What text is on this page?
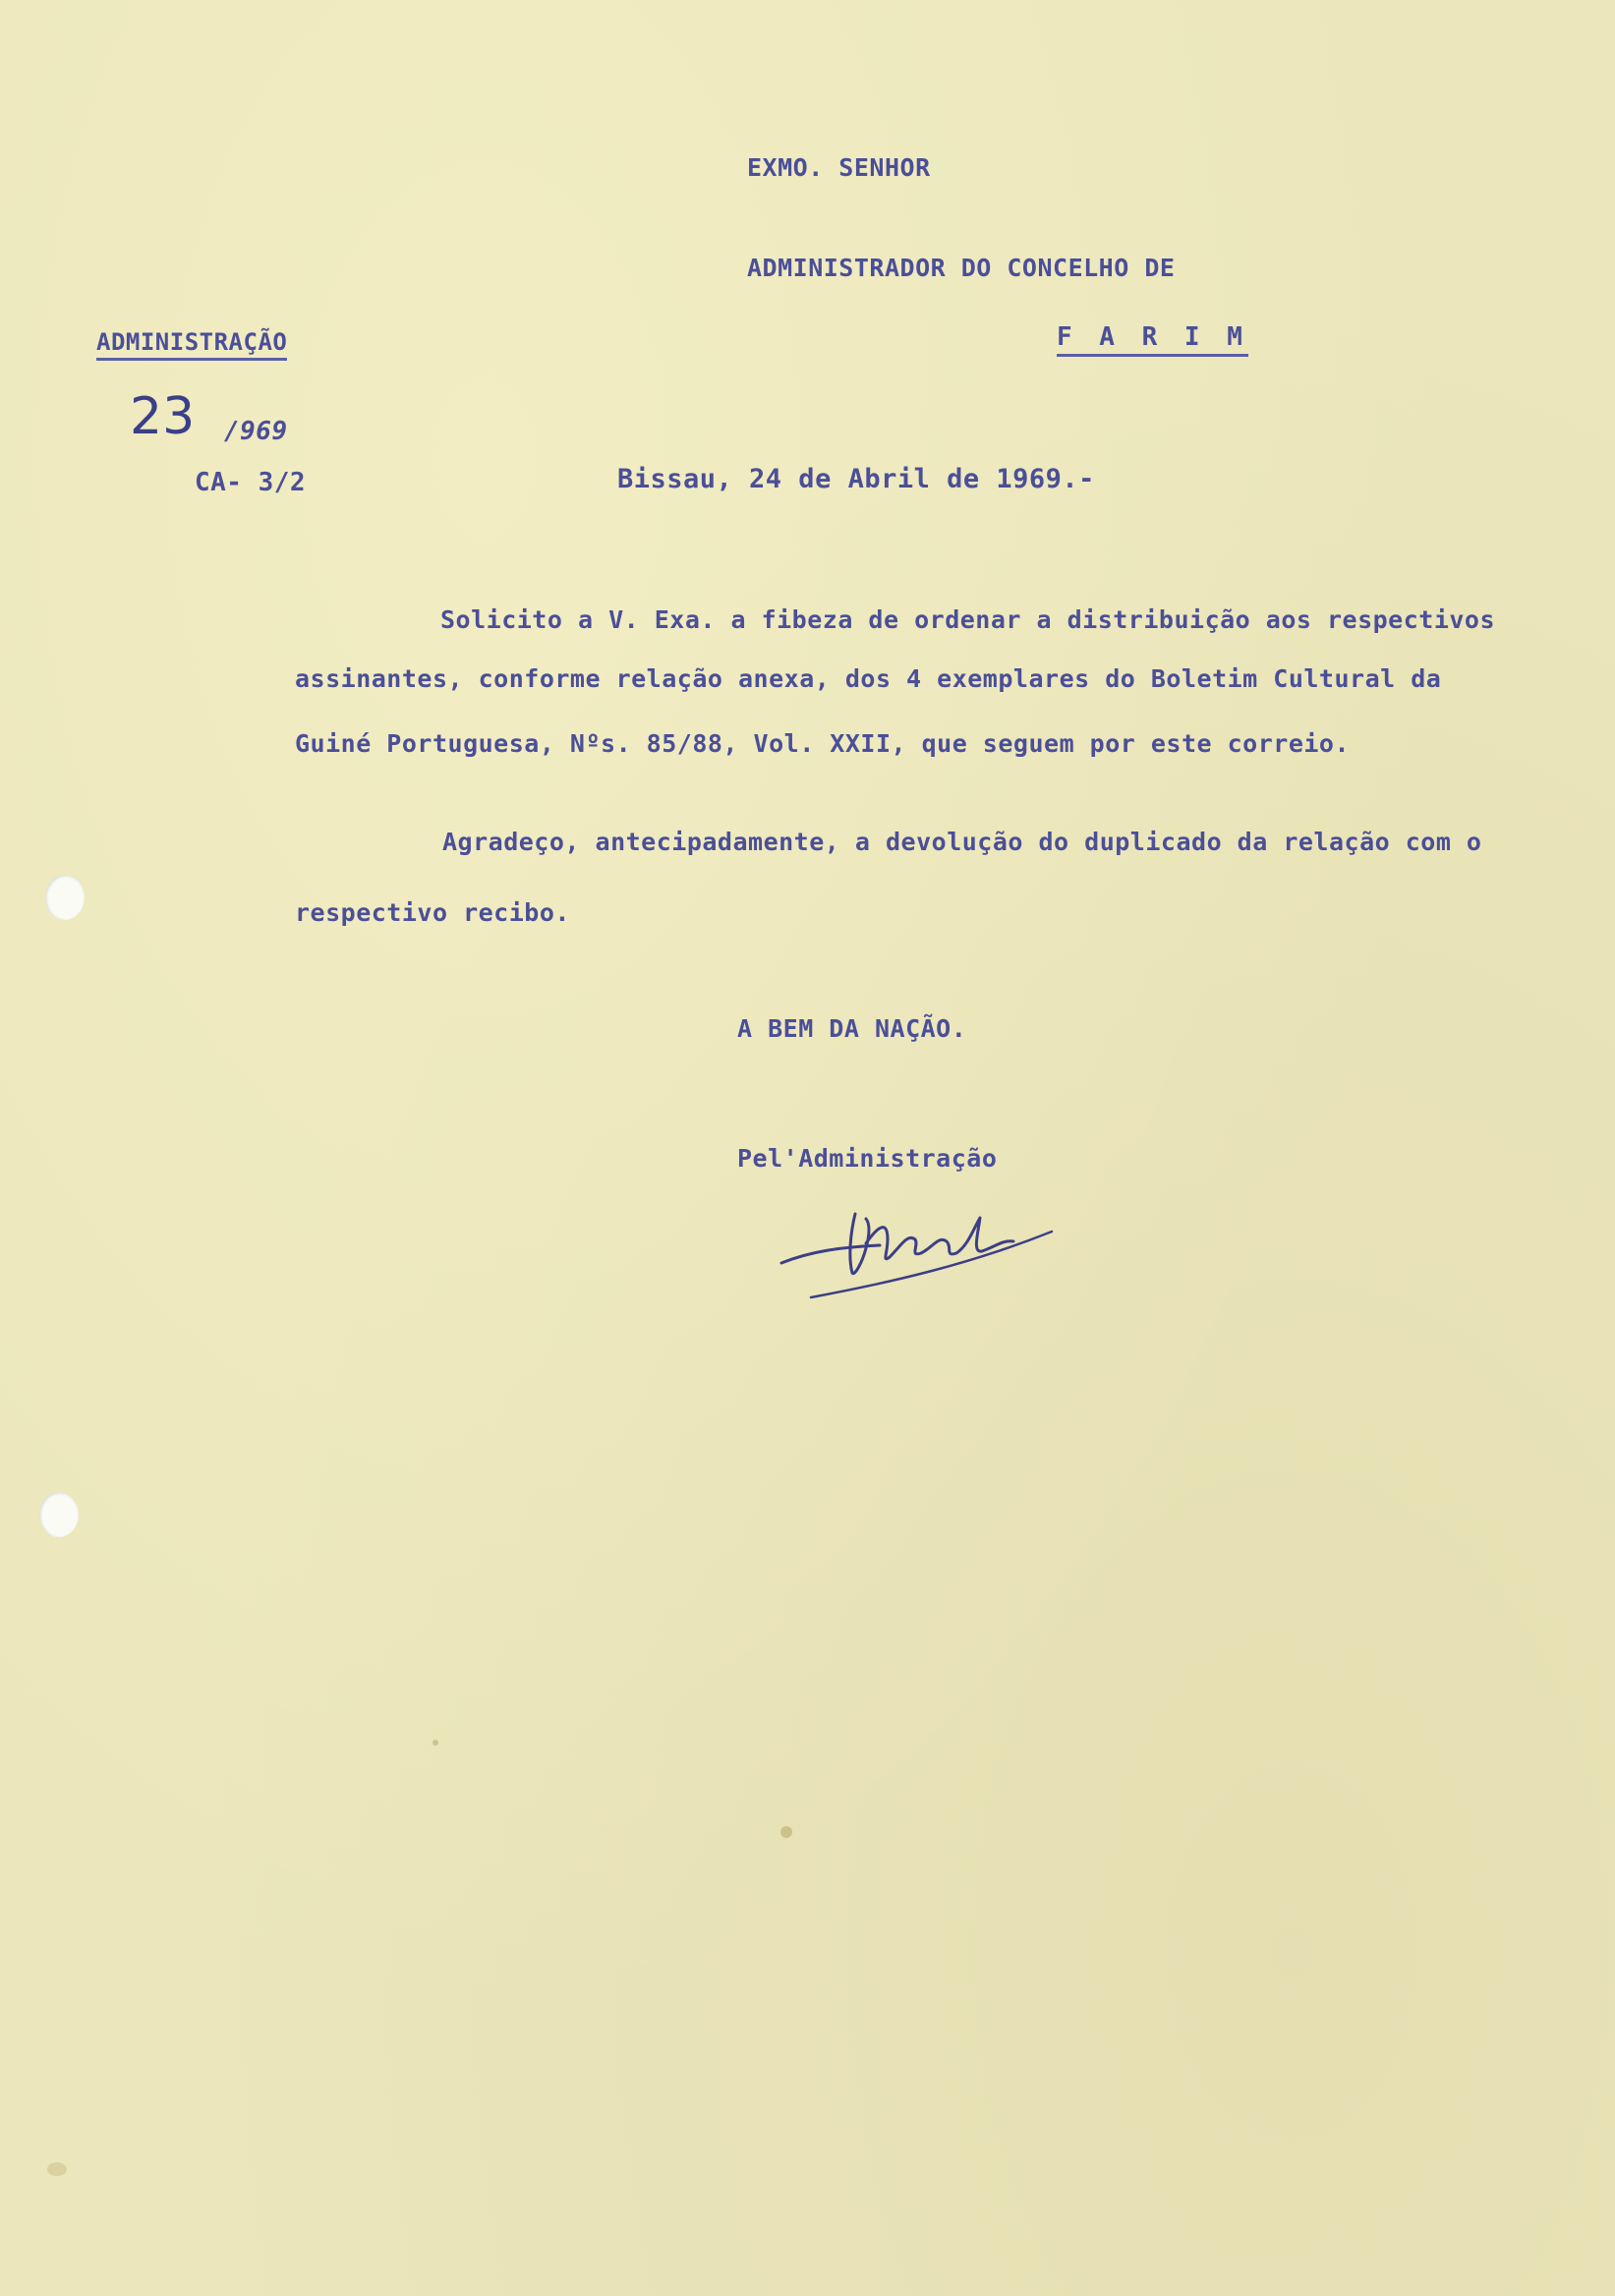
EXMO. SENHOR
ADMINISTRADOR DO CONCELHO DE
F A R I M
ADMINISTRAÇÃO
23 /969
CA- 3/2	Bissau, 24 de Abril de 1969.-
Solicito a V. Exa. a fibeza de ordenar a distribuição aos respectivos
assinantes, conforme relação anexa, dos 4 exemplares do Boletim Cultural da
Guiné Portuguesa, Nºs. 85/88, Vol. XXII, que seguem por este correio.
Agradeço, antecipadamente, a devolução do duplicado da relação com o
respectivo recibo.
A BEM DA NAÇÃO.
Pel'Administração
